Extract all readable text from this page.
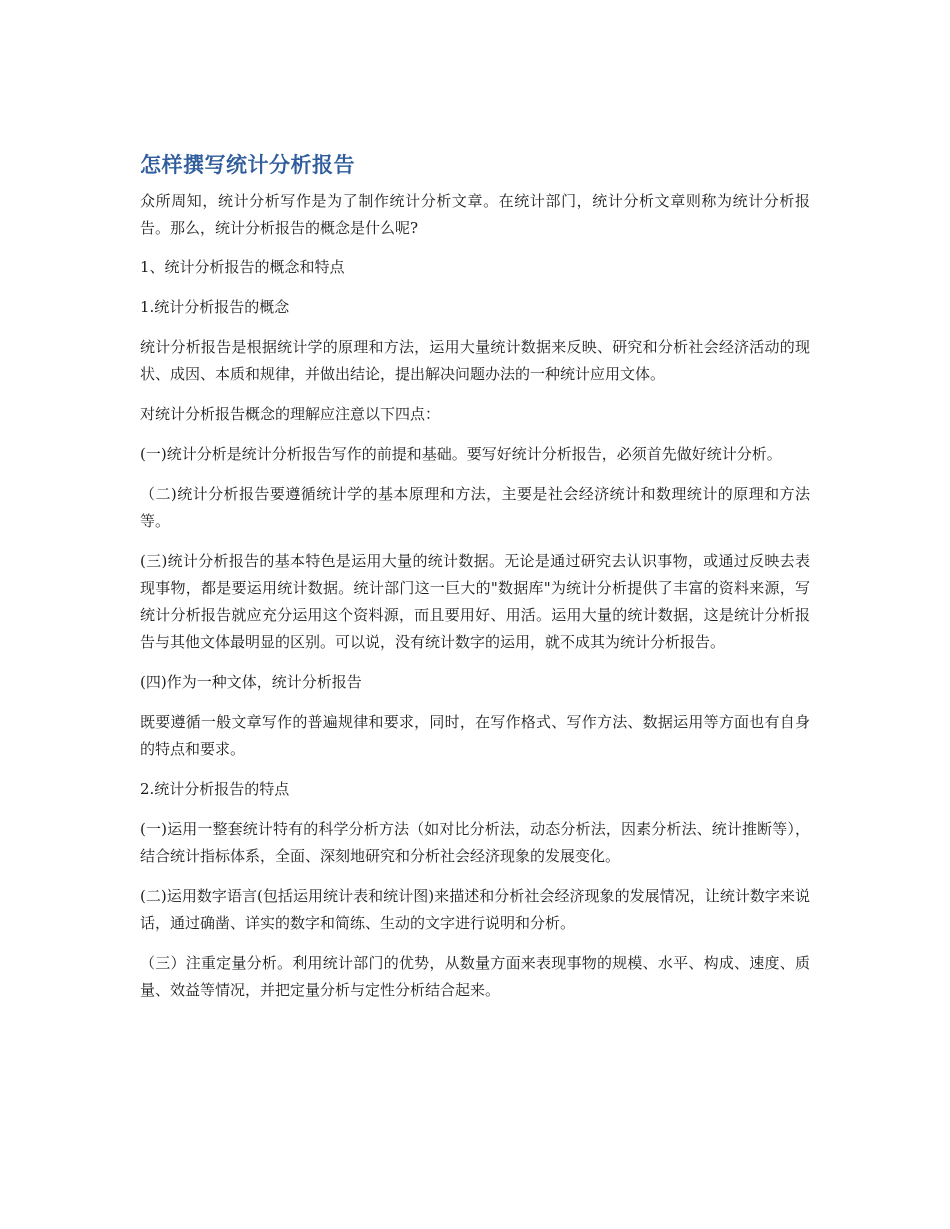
怎样撰写统计分析报告

众所周知，统计分析写作是为了制作统计分析文章。在统计部门，统计分析文章则称为统计分析报告。那么，统计分析报告的概念是什么呢?

1、统计分析报告的概念和特点

1.统计分析报告的概念

统计分析报告是根据统计学的原理和方法，运用大量统计数据来反映、研究和分析社会经济活动的现状、成因、本质和规律，并做出结论，提出解决问题办法的一种统计应用文体。

对统计分析报告概念的理解应注意以下四点：

(一)统计分析是统计分析报告写作的前提和基础。要写好统计分析报告，必须首先做好统计分析。

（二)统计分析报告要遵循统计学的基本原理和方法，主要是社会经济统计和数理统计的原理和方法等。

(三)统计分析报告的基本特色是运用大量的统计数据。无论是通过研究去认识事物，或通过反映去表现事物，都是要运用统计数据。统计部门这一巨大的"数据库"为统计分析提供了丰富的资料来源，写统计分析报告就应充分运用这个资料源，而且要用好、用活。运用大量的统计数据，这是统计分析报告与其他文体最明显的区别。可以说，没有统计数字的运用，就不成其为统计分析报告。

(四)作为一种文体，统计分析报告

既要遵循一般文章写作的普遍规律和要求，同时，在写作格式、写作方法、数据运用等方面也有自身的特点和要求。

2.统计分析报告的特点

(一)运用一整套统计特有的科学分析方法（如对比分析法，动态分析法，因素分析法、统计推断等），结合统计指标体系，全面、深刻地研究和分析社会经济现象的发展变化。

(二)运用数字语言(包括运用统计表和统计图)来描述和分析社会经济现象的发展情况，让统计数字来说话，通过确凿、详实的数字和简练、生动的文字进行说明和分析。

（三）注重定量分析。利用统计部门的优势，从数量方面来表现事物的规模、水平、构成、速度、质量、效益等情况，并把定量分析与定性分析结合起来。
